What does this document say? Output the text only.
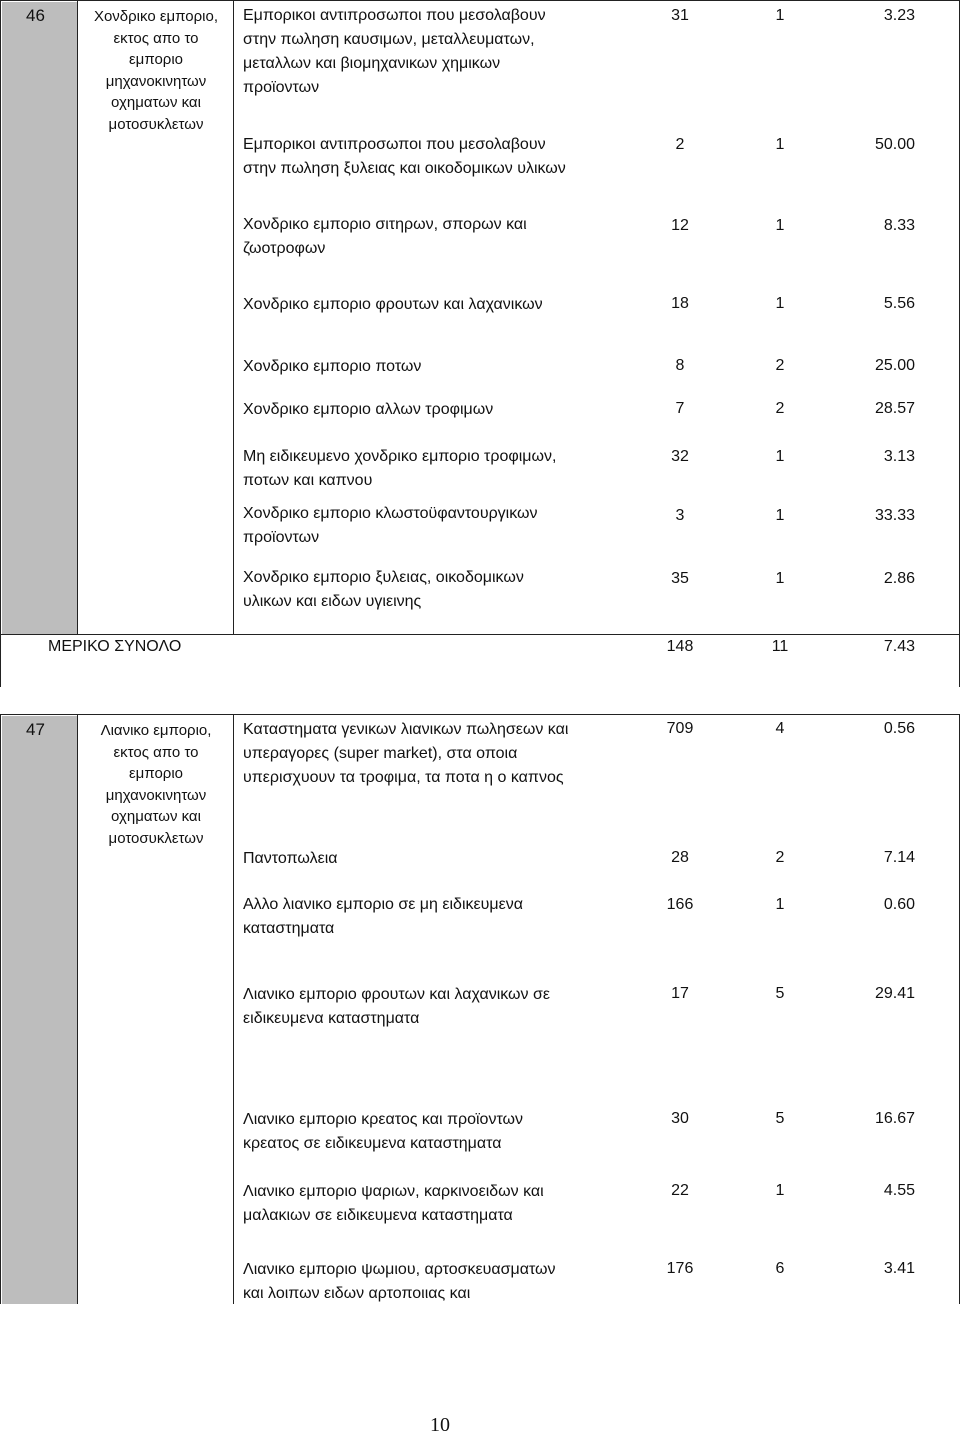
46	Χονδρικο εμποριο,
εκτος απο το
εμποριο
μηχανοκινητων
οχηματων και
μοτοσυκλετων
Εμπορικοι αντιπροσωποι που μεσολαβουν
στην πωληση καυσιμων, μεταλλευματων,
μεταλλων και βιομηχανικων χημικων
προϊοντων
31	1	3.23
Εμπορικοι αντιπροσωποι που μεσολαβουν
στην πωληση ξυλειας και οικοδομικων υλικων
2	1	50.00
Χονδρικο εμποριο σιτηρων, σπορων και
ζωοτροφων
12	1	8.33
Χονδρικο εμποριο φρουτων και λαχανικων	18	1	5.56
Χονδρικο εμποριο ποτων	8	2	25.00
Χονδρικο εμποριο αλλων τροφιμων	7	2	28.57
Μη ειδικευμενο χονδρικο εμποριο τροφιμων,
ποτων και καπνου
32	1	3.13
Χονδρικο εμποριο κλωστοϋφαντουργικων
προϊοντων
3	1	33.33
Χονδρικο εμποριο ξυλειας, οικοδομικων
υλικων και ειδων υγιεινης
35	1	2.86
ΜΕΡΙΚΟ ΣΥΝΟΛΟ	148	11	7.43
47	Λιανικο εμποριο,
εκτος απο το
εμποριο
μηχανοκινητων
οχηματων και
μοτοσυκλετων
Καταστηματα γενικων λιανικων πωλησεων και
υπεραγορες (super market), στα οποια
υπερισχυουν τα τροφιμα, τα ποτα η ο καπνος
709	4	0.56
Παντοπωλεια	28	2	7.14
Αλλο λιανικο εμποριο σε μη ειδικευμενα
καταστηματα
166	1	0.60
Λιανικο εμποριο φρουτων και λαχανικων σε
ειδικευμενα καταστηματα
17	5	29.41
Λιανικο εμποριο κρεατος και προϊοντων
κρεατος σε ειδικευμενα καταστηματα
30	5	16.67
Λιανικο εμποριο ψαριων, καρκινοειδων και
μαλακιων σε ειδικευμενα καταστηματα
22	1	4.55
Λιανικο εμποριο ψωμιου, αρτοσκευασματων
και λοιπων ειδων αρτοποιιας και
176	6	3.41
10
